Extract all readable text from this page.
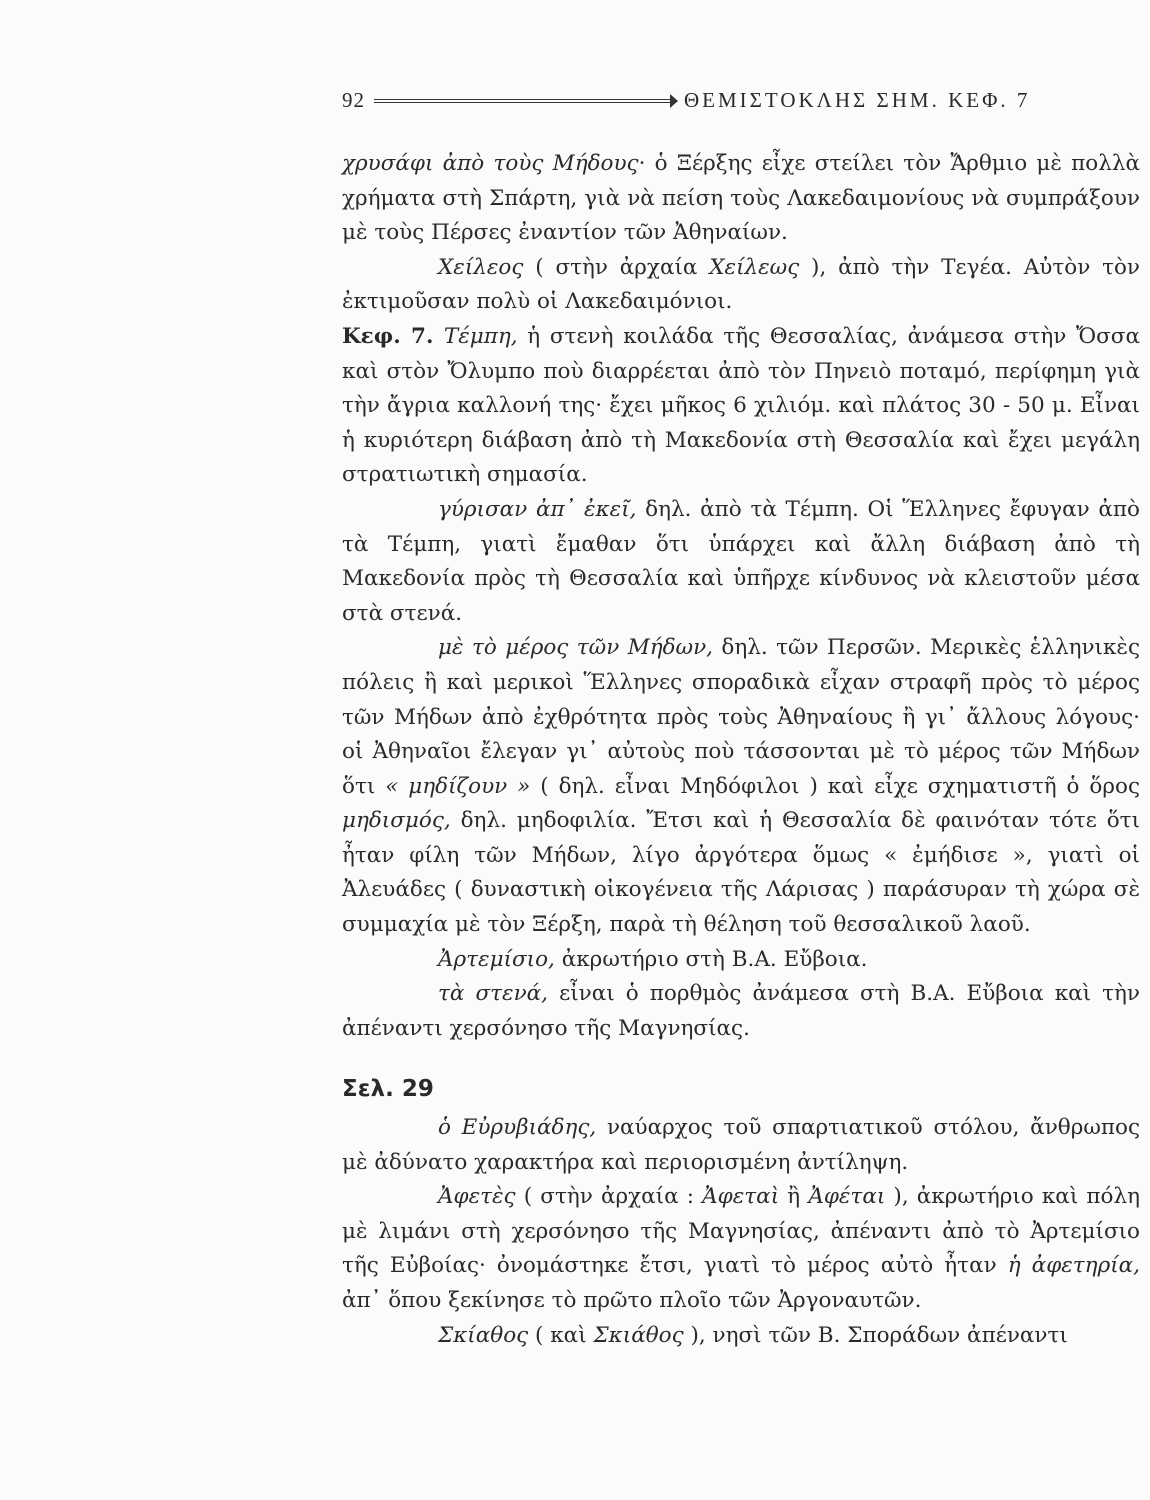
92	ΘΕΜΙΣΤΟΚΛΗΣ ΣΗΜ. ΚΕΦ. 7

χρυσάφι ἀπὸ τοὺς Μήδους· ὁ Ξέρξης εἶχε στείλει τὸν Ἄρθμιο μὲ πολλὰ χρήματα στὴ Σπάρτη, γιὰ νὰ πείση τοὺς Λακεδαιμονίους νὰ συμπράξουν μὲ τοὺς Πέρσες ἐναντίον τῶν Ἀθηναίων.

Χείλεος ( στὴν ἀρχαία Χείλεως ), ἀπὸ τὴν Τεγέα. Αὐτὸν τὸν ἐκτιμοῦσαν πολὺ οἱ Λακεδαιμόνιοι.

Κεφ. 7. Τέμπη, ἡ στενὴ κοιλάδα τῆς Θεσσαλίας, ἀνάμεσα στὴν Ὄσσα καὶ στὸν Ὄλυμπο ποὺ διαρρέεται ἀπὸ τὸν Πηνειὸ ποταμό, περίφημη γιὰ τὴν ἄγρια καλλονή της· ἔχει μῆκος 6 χιλιόμ. καὶ πλάτος 30 - 50 μ. Εἶναι ἡ κυριότερη διάβαση ἀπὸ τὴ Μακεδονία στὴ Θεσσαλία καὶ ἔχει μεγάλη στρατιωτικὴ σημασία.

γύρισαν ἀπ᾽ ἐκεῖ, δηλ. ἀπὸ τὰ Τέμπη. Οἱ Ἕλληνες ἔφυγαν ἀπὸ τὰ Τέμπη, γιατὶ ἔμαθαν ὅτι ὑπάρχει καὶ ἄλλη διάβαση ἀπὸ τὴ Μακεδονία πρὸς τὴ Θεσσαλία καὶ ὑπῆρχε κίνδυνος νὰ κλειστοῦν μέσα στὰ στενά.

μὲ τὸ μέρος τῶν Μήδων, δηλ. τῶν Περσῶν. Μερικὲς ἑλληνικὲς πόλεις ἢ καὶ μερικοὶ Ἕλληνες σποραδικὰ εἶχαν στραφῆ πρὸς τὸ μέρος τῶν Μήδων ἀπὸ ἐχθρότητα πρὸς τοὺς Ἀθηναίους ἢ γι᾽ ἄλλους λόγους· οἱ Ἀθηναῖοι ἔλεγαν γι᾽ αὐτοὺς ποὺ τάσσονται μὲ τὸ μέρος τῶν Μήδων ὅτι « μηδίζουν » ( δηλ. εἶναι Μηδόφιλοι ) καὶ εἶχε σχηματιστῆ ὁ ὅρος μηδισμός, δηλ. μηδοφιλία. Ἔτσι καὶ ἡ Θεσσαλία δὲ φαινόταν τότε ὅτι ἦταν φίλη τῶν Μήδων, λίγο ἀργότερα ὅμως « ἐμήδισε », γιατὶ οἱ Ἀλευάδες ( δυναστικὴ οἰκογένεια τῆς Λάρισας ) παράσυραν τὴ χώρα σὲ συμμαχία μὲ τὸν Ξέρξη, παρὰ τὴ θέληση τοῦ θεσσαλικοῦ λαοῦ.

Ἀρτεμίσιο, ἀκρωτήριο στὴ Β.Α. Εὔβοια.

τὰ στενά, εἶναι ὁ πορθμὸς ἀνάμεσα στὴ Β.Α. Εὔβοια καὶ τὴν ἀπέναντι χερσόνησο τῆς Μαγνησίας.

Σελ. 29

ὁ Εὐρυβιάδης, ναύαρχος τοῦ σπαρτιατικοῦ στόλου, ἄνθρωπος μὲ ἀδύνατο χαρακτήρα καὶ περιορισμένη ἀντίληψη.

Ἀφετὲς ( στὴν ἀρχαία : Ἀφεταὶ ἢ Ἀφέται ), ἀκρωτήριο καὶ πόλη μὲ λιμάνι στὴ χερσόνησο τῆς Μαγνησίας, ἀπέναντι ἀπὸ τὸ Ἀρτεμίσιο τῆς Εὐβοίας· ὀνομάστηκε ἔτσι, γιατὶ τὸ μέρος αὐτὸ ἦταν ἡ ἀφετηρία, ἀπ᾽ ὅπου ξεκίνησε τὸ πρῶτο πλοῖο τῶν Ἀργοναυτῶν.

Σκίαθος ( καὶ Σκιάθος ), νησὶ τῶν Β. Σποράδων ἀπέναντι
